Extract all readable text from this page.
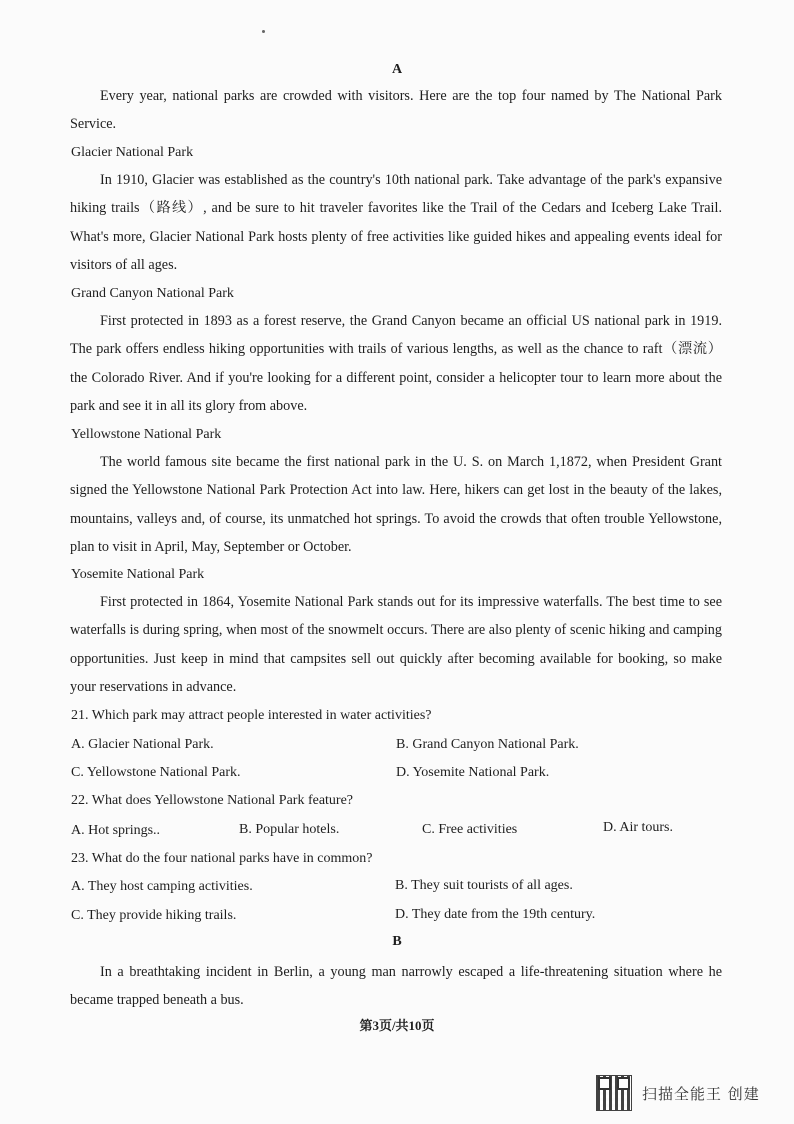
A

Every year, national parks are crowded with visitors. Here are the top four named by The National Park Service.

Glacier National Park

In 1910, Glacier was established as the country's 10th national park. Take advantage of the park's expansive hiking trails（路线）, and be sure to hit traveler favorites like the Trail of the Cedars and Iceberg Lake Trail. What's more, Glacier National Park hosts plenty of free activities like guided hikes and appealing events ideal for visitors of all ages.

Grand Canyon National Park

First protected in 1893 as a forest reserve, the Grand Canyon became an official US national park in 1919. The park offers endless hiking opportunities with trails of various lengths, as well as the chance to raft（漂流）the Colorado River. And if you're looking for a different point, consider a helicopter tour to learn more about the park and see it in all its glory from above.

Yellowstone National Park

The world famous site became the first national park in the U. S. on March 1,1872, when President Grant signed the Yellowstone National Park Protection Act into law. Here, hikers can get lost in the beauty of the lakes, mountains, valleys and, of course, its unmatched hot springs. To avoid the crowds that often trouble Yellowstone, plan to visit in April, May, September or October.

Yosemite National Park

First protected in 1864, Yosemite National Park stands out for its impressive waterfalls. The best time to see waterfalls is during spring, when most of the snowmelt occurs. There are also plenty of scenic hiking and camping opportunities. Just keep in mind that campsites sell out quickly after becoming available for booking, so make your reservations in advance.

21. Which park may attract people interested in water activities?
A. Glacier National Park.	B. Grand Canyon National Park.
C. Yellowstone National Park.	D. Yosemite National Park.
22. What does Yellowstone National Park feature?
A. Hot springs..	B. Popular hotels.	C. Free activities	D. Air tours.
23. What do the four national parks have in common?
A. They host camping activities.	B. They suit tourists of all ages.
C. They provide hiking trails.	D. They date from the 19th century.
B

In a breathtaking incident in Berlin, a young man narrowly escaped a life-threatening situation where he became trapped beneath a bus.

第3页/共10页
扫描全能王 创建
